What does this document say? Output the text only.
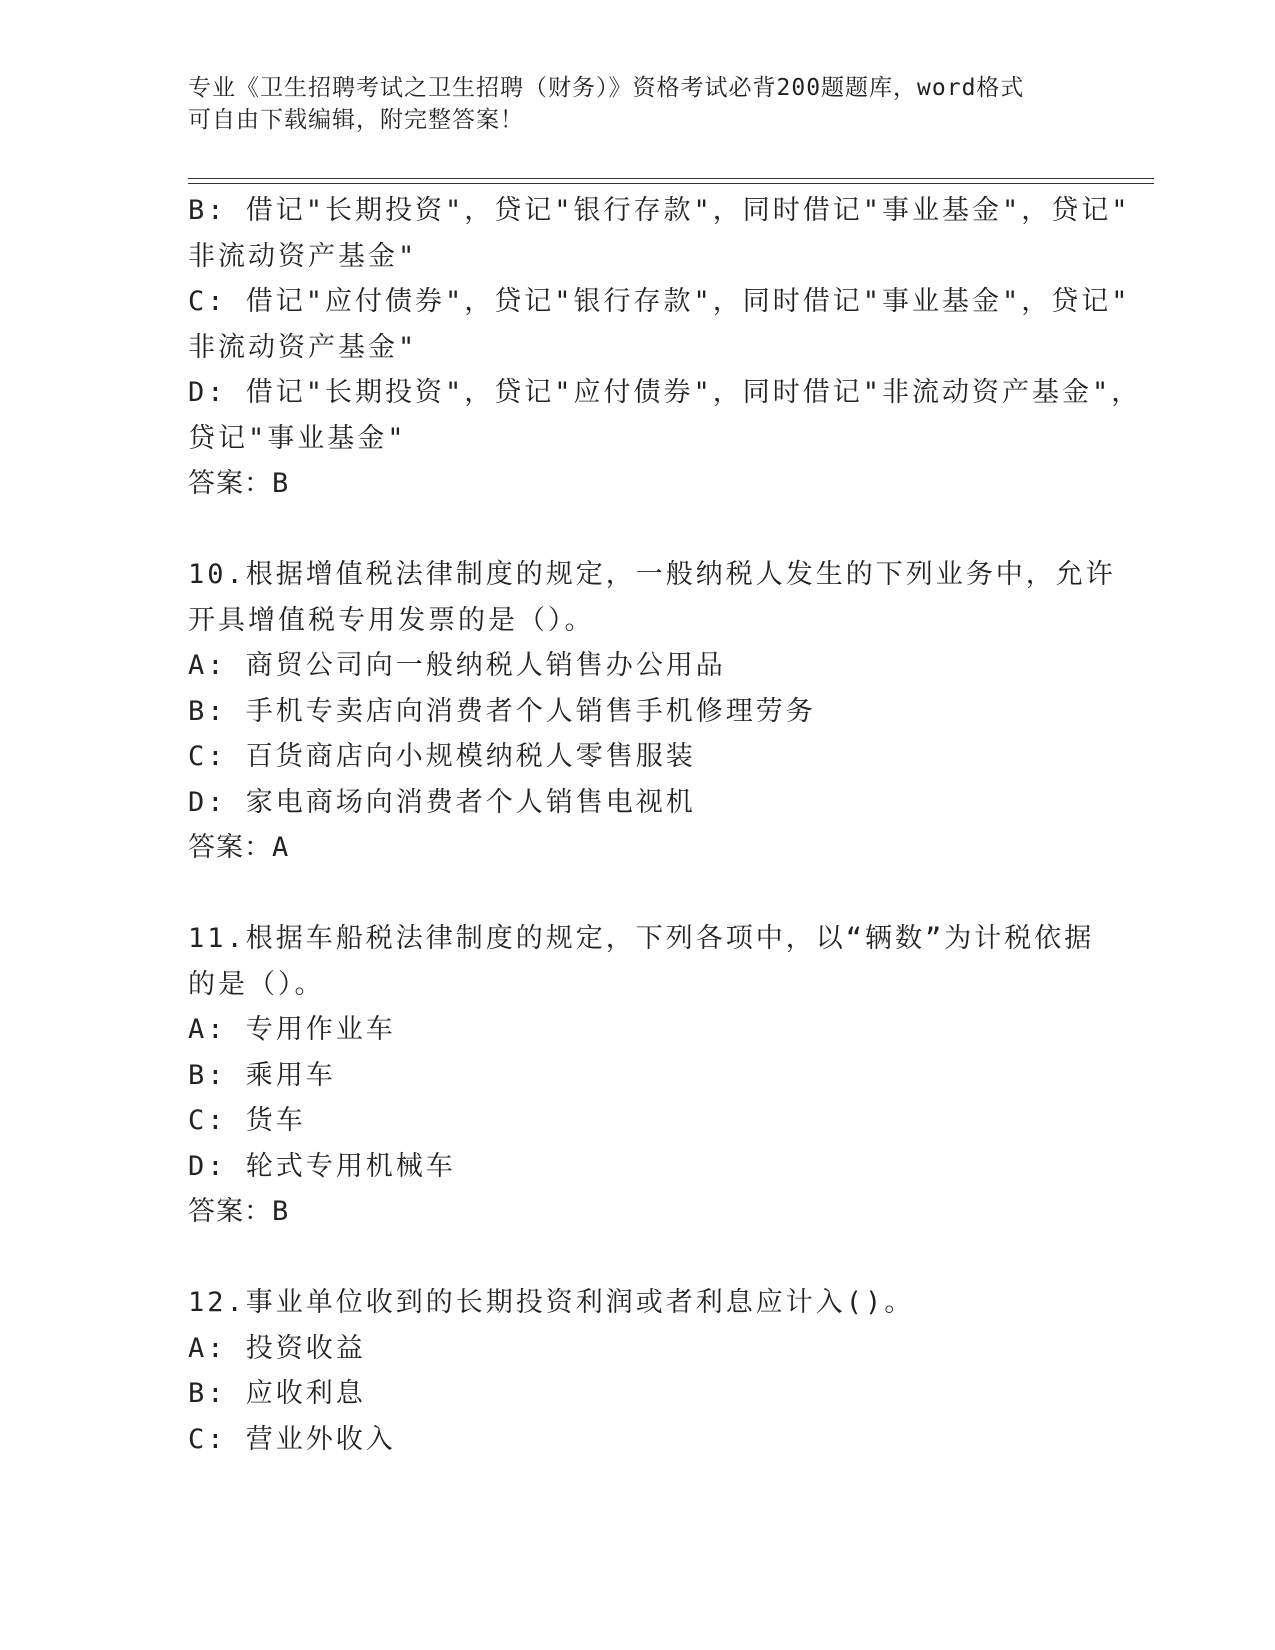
专业《卫生招聘考试之卫生招聘（财务）》资格考试必背200题题库，word格式
可自由下载编辑，附完整答案！
B: 借记"长期投资"，贷记"银行存款"，同时借记"事业基金"，贷记"
非流动资产基金"
C: 借记"应付债券"，贷记"银行存款"，同时借记"事业基金"，贷记"
非流动资产基金"
D: 借记"长期投资"，贷记"应付债券"，同时借记"非流动资产基金"，
贷记"事业基金"
答案：B
10.根据增值税法律制度的规定，一般纳税人发生的下列业务中，允许
开具增值税专用发票的是（）。
A: 商贸公司向一般纳税人销售办公用品
B: 手机专卖店向消费者个人销售手机修理劳务
C: 百货商店向小规模纳税人零售服装
D: 家电商场向消费者个人销售电视机
答案：A
11.根据车船税法律制度的规定，下列各项中，以“辆数”为计税依据
的是（）。
A: 专用作业车
B: 乘用车
C: 货车
D: 轮式专用机械车
答案：B
12.事业单位收到的长期投资利润或者利息应计入()。
A: 投资收益
B: 应收利息
C: 营业外收入
